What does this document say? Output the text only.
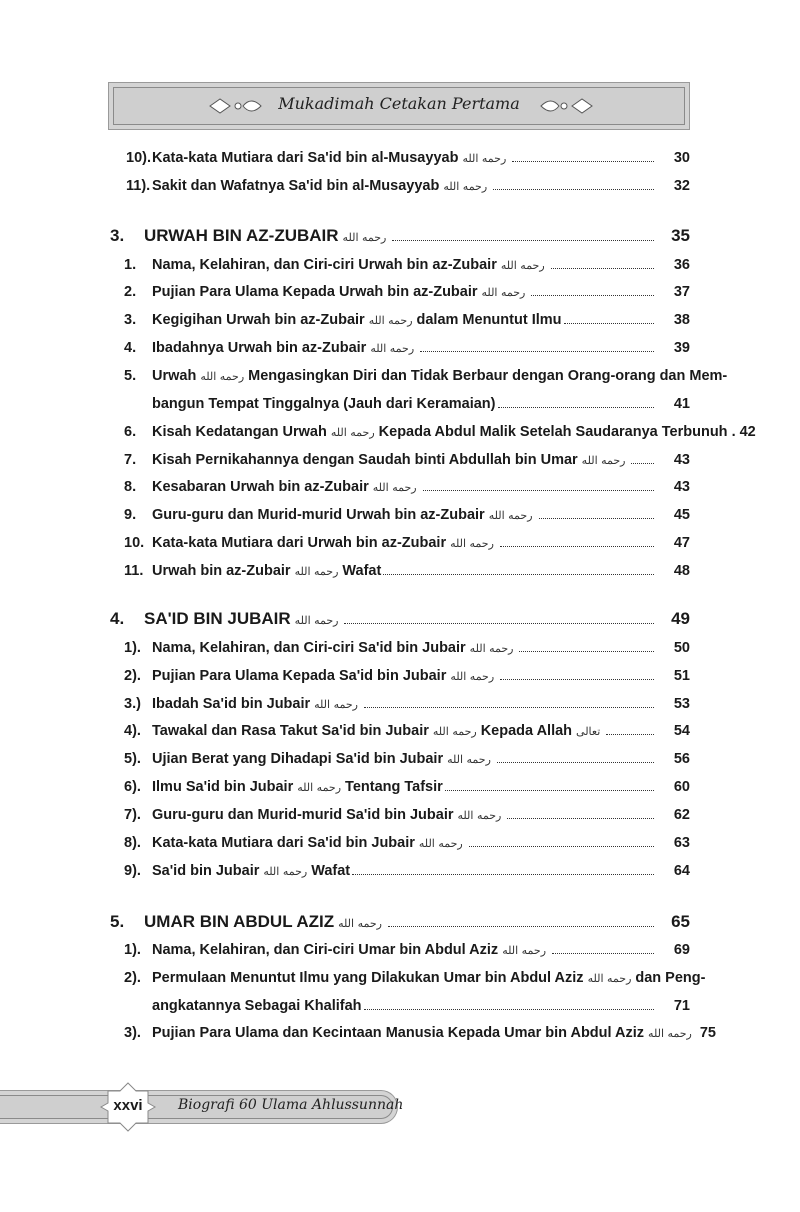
Mukadimah Cetakan Pertama
10). Kata-kata Mutiara dari Sa'id bin al-Musayyab رحمه الله	30
11). Sakit dan Wafatnya Sa'id bin al-Musayyab رحمه الله	32
3.	URWAH BIN AZ-ZUBAIR رحمه الله	35
1.	Nama, Kelahiran, dan Ciri-ciri Urwah bin az-Zubair رحمه الله	36
2.	Pujian Para Ulama Kepada Urwah bin az-Zubair رحمه الله	37
3.	Kegigihan Urwah bin az-Zubair رحمه الله dalam Menuntut Ilmu	38
4.	Ibadahnya Urwah bin az-Zubair رحمه الله	39
5.	Urwah رحمه الله Mengasingkan Diri dan Tidak Berbaur dengan Orang-orang dan Mem-
bangun Tempat Tinggalnya (Jauh dari Keramaian)	41
6.	Kisah Kedatangan Urwah رحمه الله Kepada Abdul Malik Setelah Saudaranya Terbunuh . 42
7.	Kisah Pernikahannya dengan Saudah binti Abdullah bin Umar رحمه الله	43
8.	Kesabaran Urwah bin az-Zubair رحمه الله	43
9.	Guru-guru dan Murid-murid Urwah bin az-Zubair رحمه الله	45
10. Kata-kata Mutiara dari Urwah bin az-Zubair رحمه الله	47
11. Urwah bin az-Zubair رحمه الله Wafat	48
4.	SA'ID BIN JUBAIR رحمه الله	49
1). Nama, Kelahiran, dan Ciri-ciri Sa'id bin Jubair رحمه الله	50
2). Pujian Para Ulama Kepada Sa'id bin Jubair رحمه الله	51
3.) Ibadah Sa'id bin Jubair رحمه الله	53
4). Tawakal dan Rasa Takut Sa'id bin Jubair رحمه الله Kepada Allah تعالى	54
5). Ujian Berat yang Dihadapi Sa'id bin Jubair رحمه الله	56
6). Ilmu Sa'id bin Jubair رحمه الله Tentang Tafsir	60
7). Guru-guru dan Murid-murid Sa'id bin Jubair رحمه الله	62
8). Kata-kata Mutiara dari Sa'id bin Jubair رحمه الله	63
9). Sa'id bin Jubair رحمه الله Wafat	64
5.	UMAR BIN ABDUL AZIZ رحمه الله	65
1). Nama, Kelahiran, dan Ciri-ciri Umar bin Abdul Aziz رحمه الله	69
2). Permulaan Menuntut Ilmu yang Dilakukan Umar bin Abdul Aziz رحمه الله dan Peng-
angkatannya Sebagai Khalifah	71
3). Pujian Para Ulama dan Kecintaan Manusia Kepada Umar bin Abdul Aziz رحمه الله 75
xxvi	Biografi 60 Ulama Ahlussunnah
